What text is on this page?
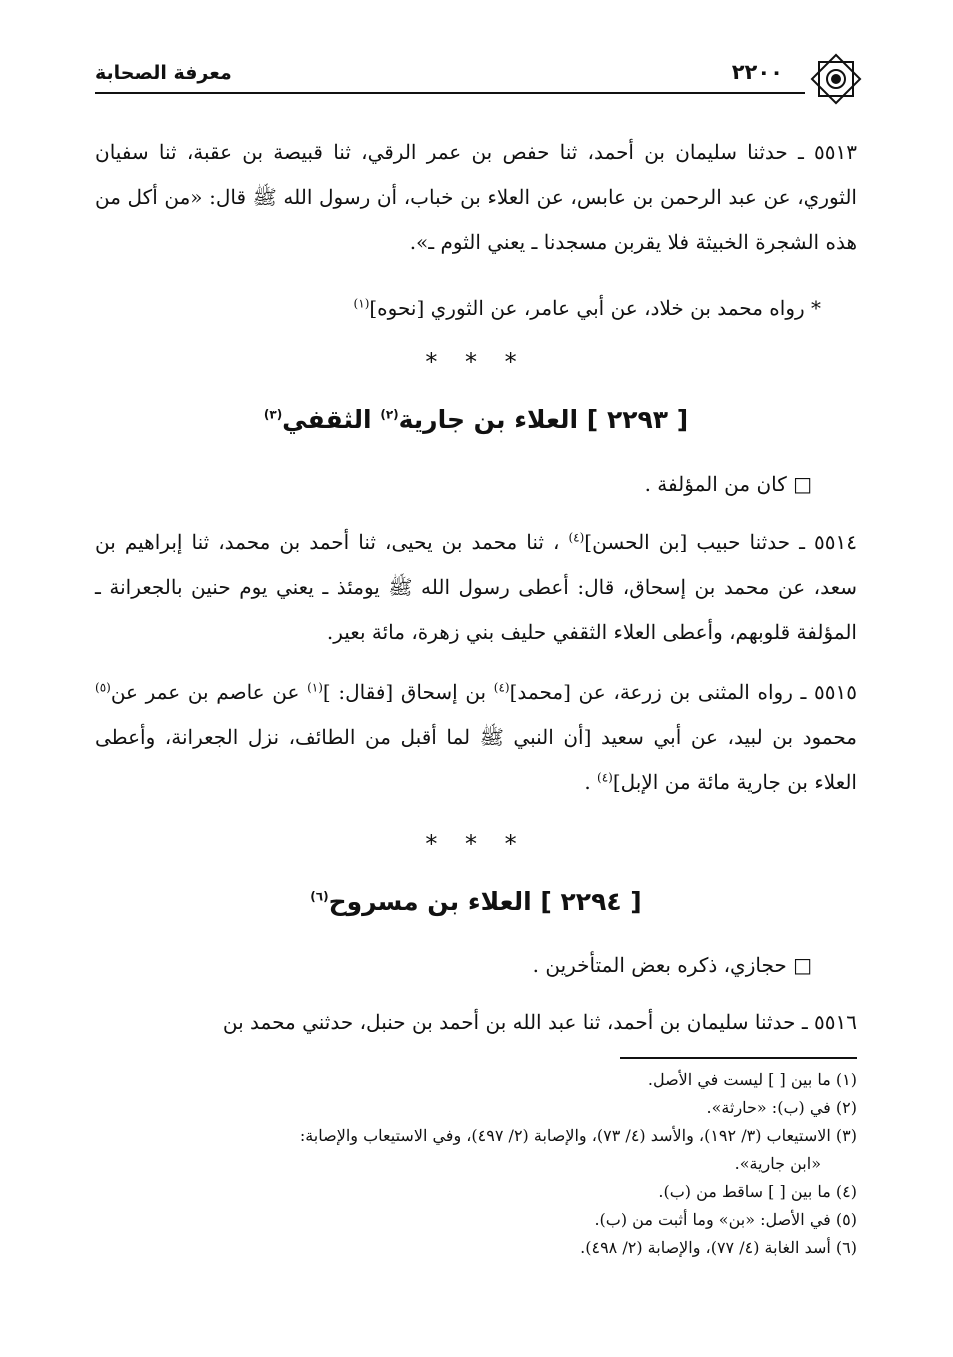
معرفة الصحابة	٢٢٠٠

٥٥١٣ ـ حدثنا سليمان بن أحمد، ثنا حفص بن عمر الرقي، ثنا قبيصة بن عقبة، ثنا سفيان الثوري، عن عبد الرحمن بن عابس، عن العلاء بن خباب، أن رسول الله ﷺ قال: «من أكل من هذه الشجرة الخبيثة فلا يقربن مسجدنا ـ يعني الثوم ـ».

* رواه محمد بن خلاد، عن أبي عامر، عن الثوري [نحوه]$^{(١)}$

* * *
[ ٢٢٩٣ ] العلاء بن جارية$^{(٢)}$ الثقفي$^{(٣)}$

□ كان من المؤلفة .

٥٥١٤ ـ حدثنا حبيب [بن الحسن]$^{(٤)}$ ، ثنا محمد بن يحيى، ثنا أحمد بن محمد، ثنا إبراهيم بن سعد، عن محمد بن إسحاق، قال: أعطى رسول الله ﷺ يومئذ ـ يعني يوم حنين بالجعرانة ـ المؤلفة قلوبهم، وأعطى العلاء الثقفي حليف بني زهرة، مائة بعير.

٥٥١٥ ـ رواه المثنى بن زرعة، عن [محمد]$^{(٤)}$ بن إسحاق [فقال: ]$^{(١)}$ عن عاصم بن عمر عن$^{(٥)}$ محمود بن لبيد، عن أبي سعيد [أن النبي ﷺ لما أقبل من الطائف، نزل الجعرانة، وأعطى العلاء بن جارية مائة من الإبل]$^{(٤)}$ .

* * *
[ ٢٢٩٤ ] العلاء بن مسروح$^{(٦)}$

□ حجازي، ذكره بعض المتأخرين .

٥٥١٦ ـ حدثنا سليمان بن أحمد، ثنا عبد الله بن أحمد بن حنبل، حدثني محمد بن

(١) ما بين [ ] ليست في الأصل.

(٢) في (ب): «حارثة».

(٣) الاستيعاب (٣/ ١٩٢)، والأسد (٤/ ٧٣)، والإصابة (٢/ ٤٩٧)، وفي الاستيعاب والإصابة:

«ابن جارية».

(٤) ما بين [ ] ساقط من (ب).

(٥) في الأصل: «بن» وما أثبت من (ب).

(٦) أسد الغابة (٤/ ٧٧)، والإصابة (٢/ ٤٩٨).
